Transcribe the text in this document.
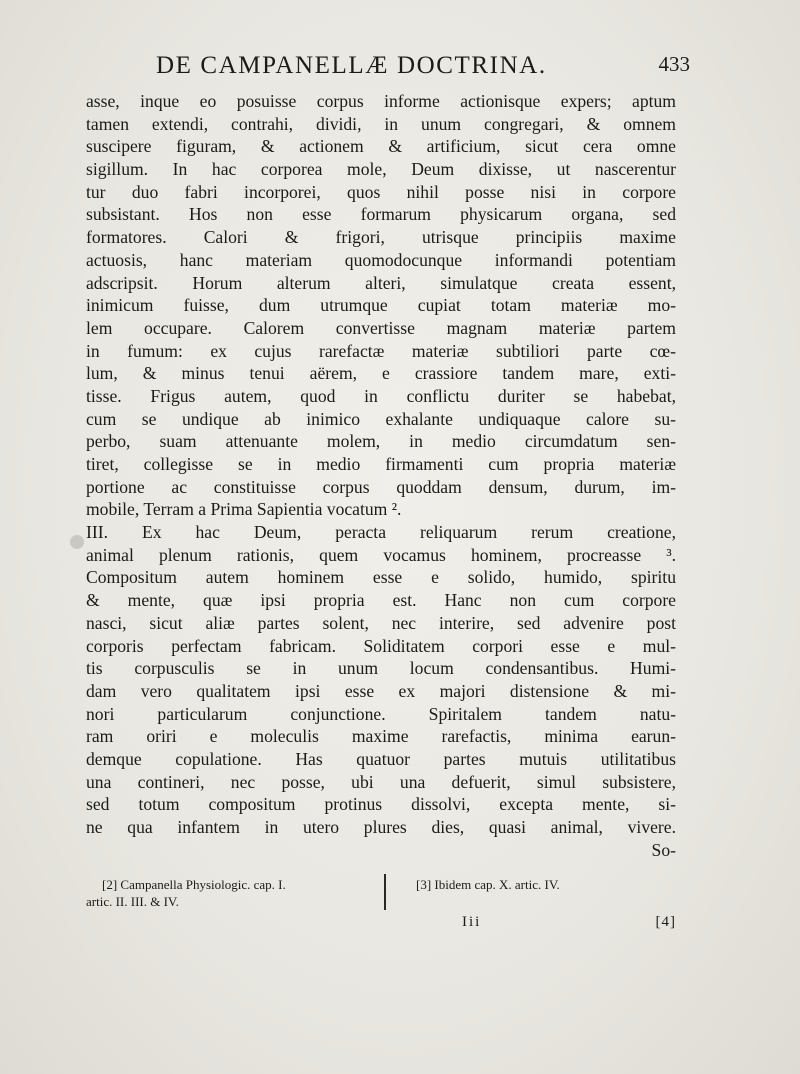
DE CAMPANELLÆ DOCTRINA.	433
asse, inque eo posuisse corpus informe actionisque expers; aptum
tamen extendi, contrahi, dividi, in unum congregari, & omnem
suscipere figuram, & actionem & artificium, sicut cera omne
sigillum. In hac corporea mole, Deum dixisse, ut nascerentur
tur duo fabri incorporei, quos nihil posse nisi in corpore
subsistant. Hos non esse formarum physicarum organa, sed
formatores. Calori & frigori, utrisque principiis maxime
actuosis, hanc materiam quomodocunque informandi potentiam
adscripsit. Horum alterum alteri, simulatque creata essent,
inimicum fuisse, dum utrumque cupiat totam materiæ mo-
lem occupare. Calorem convertisse magnam materiæ partem
in fumum: ex cujus rarefactæ materiæ subtiliori parte cœ-
lum, & minus tenui aërem, e crassiore tandem mare, exti-
tisse. Frigus autem, quod in conflictu duriter se habebat,
cum se undique ab inimico exhalante undiquaque calore su-
perbo, suam attenuante molem, in medio circumdatum sen-
tiret, collegisse se in medio firmamenti cum propria materiæ
portione ac constituisse corpus quoddam densum, durum, im-
mobile, Terram a Prima Sapientia vocatum ².
III. Ex hac Deum, peracta reliquarum rerum creatione,
animal plenum rationis, quem vocamus hominem, procreasse ³.
Compositum autem hominem esse e solido, humido, spiritu
& mente, quæ ipsi propria est. Hanc non cum corpore
nasci, sicut aliæ partes solent, nec interire, sed advenire post
corporis perfectam fabricam. Soliditatem corpori esse e mul-
tis corpusculis se in unum locum condensantibus. Humi-
dam vero qualitatem ipsi esse ex majori distensione & mi-
nori particularum conjunctione. Spiritalem tandem natu-
ram oriri e moleculis maxime rarefactis, minima earun-
demque copulatione. Has quatuor partes mutuis utilitatibus
una contineri, nec posse, ubi una defuerit, simul subsistere,
sed totum compositum protinus dissolvi, excepta mente, si-
ne qua infantem in utero plures dies, quasi animal, vivere.
So-
[2] Campanella Physiologic. cap. I.
artic. II. III. & IV.
[3] Ibidem cap. X. artic. IV.
Iii	[4]
